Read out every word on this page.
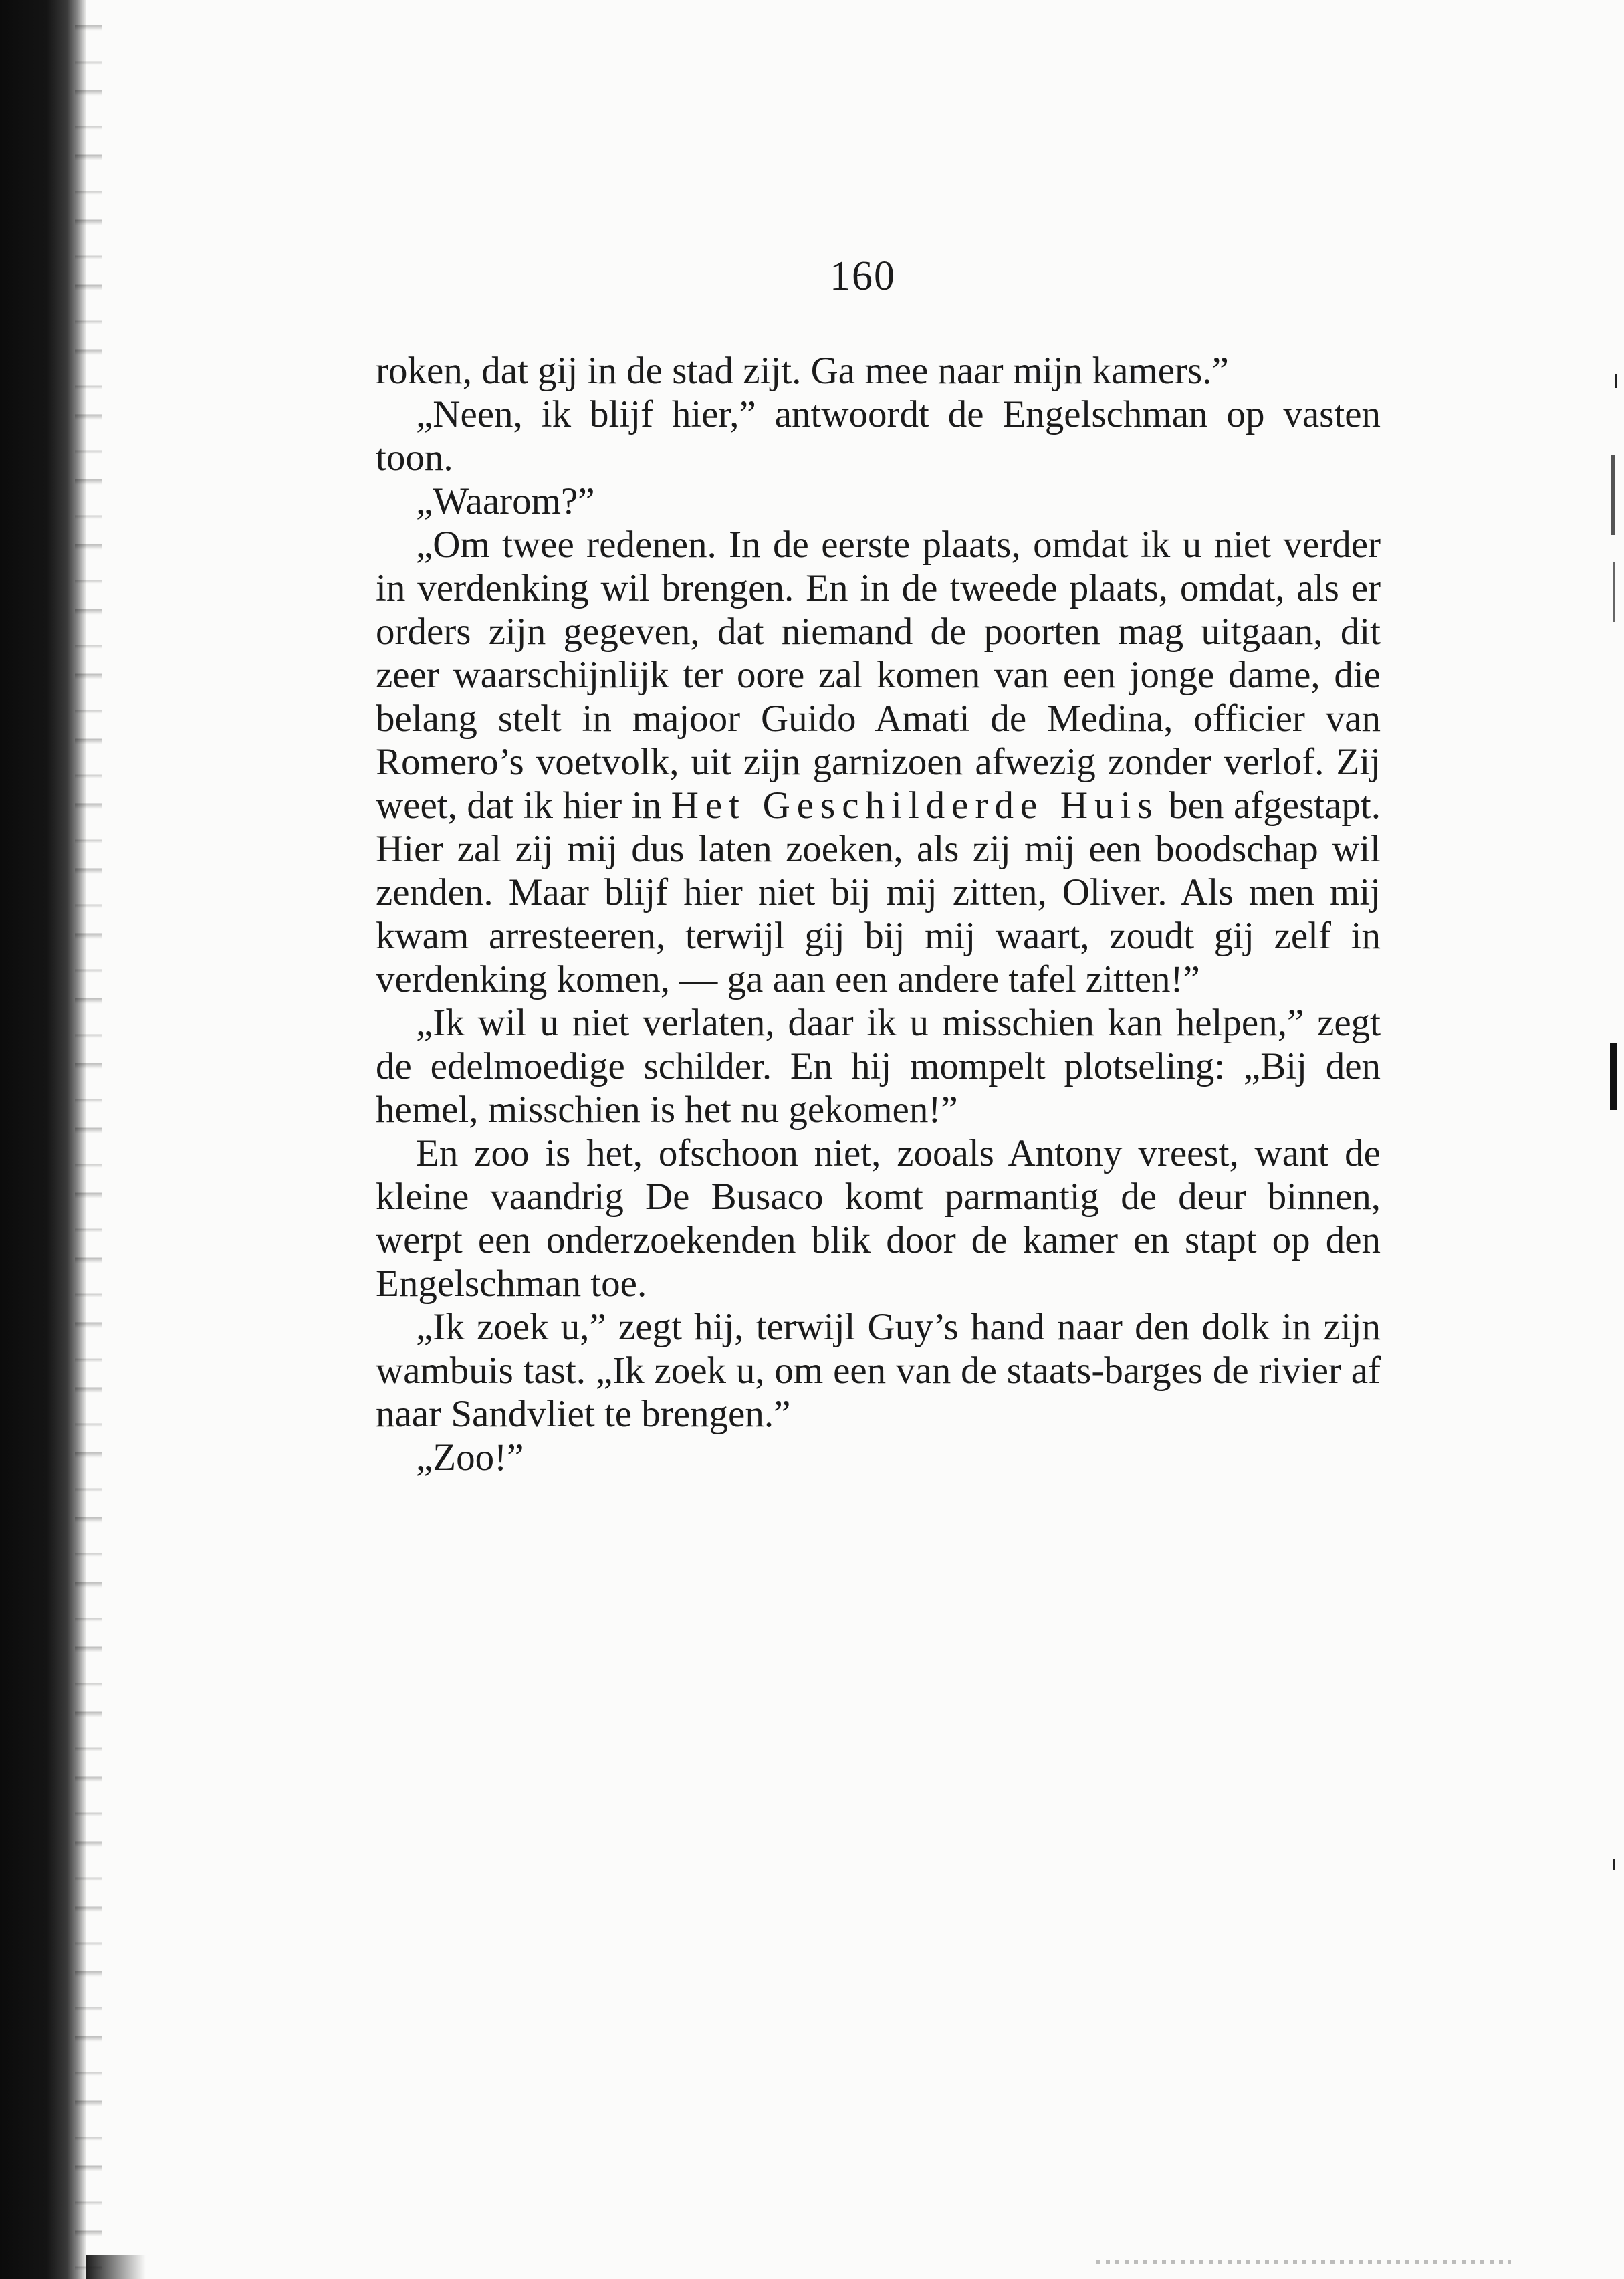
160

roken, dat gij in de stad zijt. Ga mee naar mijn kamers.”

„Neen, ik blijf hier,” antwoordt de Engelschman op vasten toon.

„Waarom?”

„Om twee redenen. In de eerste plaats, omdat ik u niet verder in verdenking wil brengen. En in de tweede plaats, omdat, als er orders zijn gegeven, dat niemand de poorten mag uitgaan, dit zeer waarschijnlijk ter oore zal komen van een jonge dame, die belang stelt in majoor Guido Amati de Medina, officier van Romero’s voetvolk, uit zijn garnizoen afwezig zonder verlof. Zij weet, dat ik hier in Het Geschilderde Huis ben afgestapt. Hier zal zij mij dus laten zoeken, als zij mij een boodschap wil zenden. Maar blijf hier niet bij mij zitten, Oliver. Als men mij kwam arresteeren, terwijl gij bij mij waart, zoudt gij zelf in verdenking komen, — ga aan een andere tafel zitten!”

„Ik wil u niet verlaten, daar ik u misschien kan helpen,” zegt de edelmoedige schilder. En hij mompelt plotseling: „Bij den hemel, misschien is het nu gekomen!”

En zoo is het, ofschoon niet, zooals Antony vreest, want de kleine vaandrig De Busaco komt parmantig de deur binnen, werpt een onderzoekenden blik door de kamer en stapt op den Engelschman toe.

„Ik zoek u,” zegt hij, terwijl Guy’s hand naar den dolk in zijn wambuis tast. „Ik zoek u, om een van de staats-barges de rivier af naar Sandvliet te brengen.”

„Zoo!”
